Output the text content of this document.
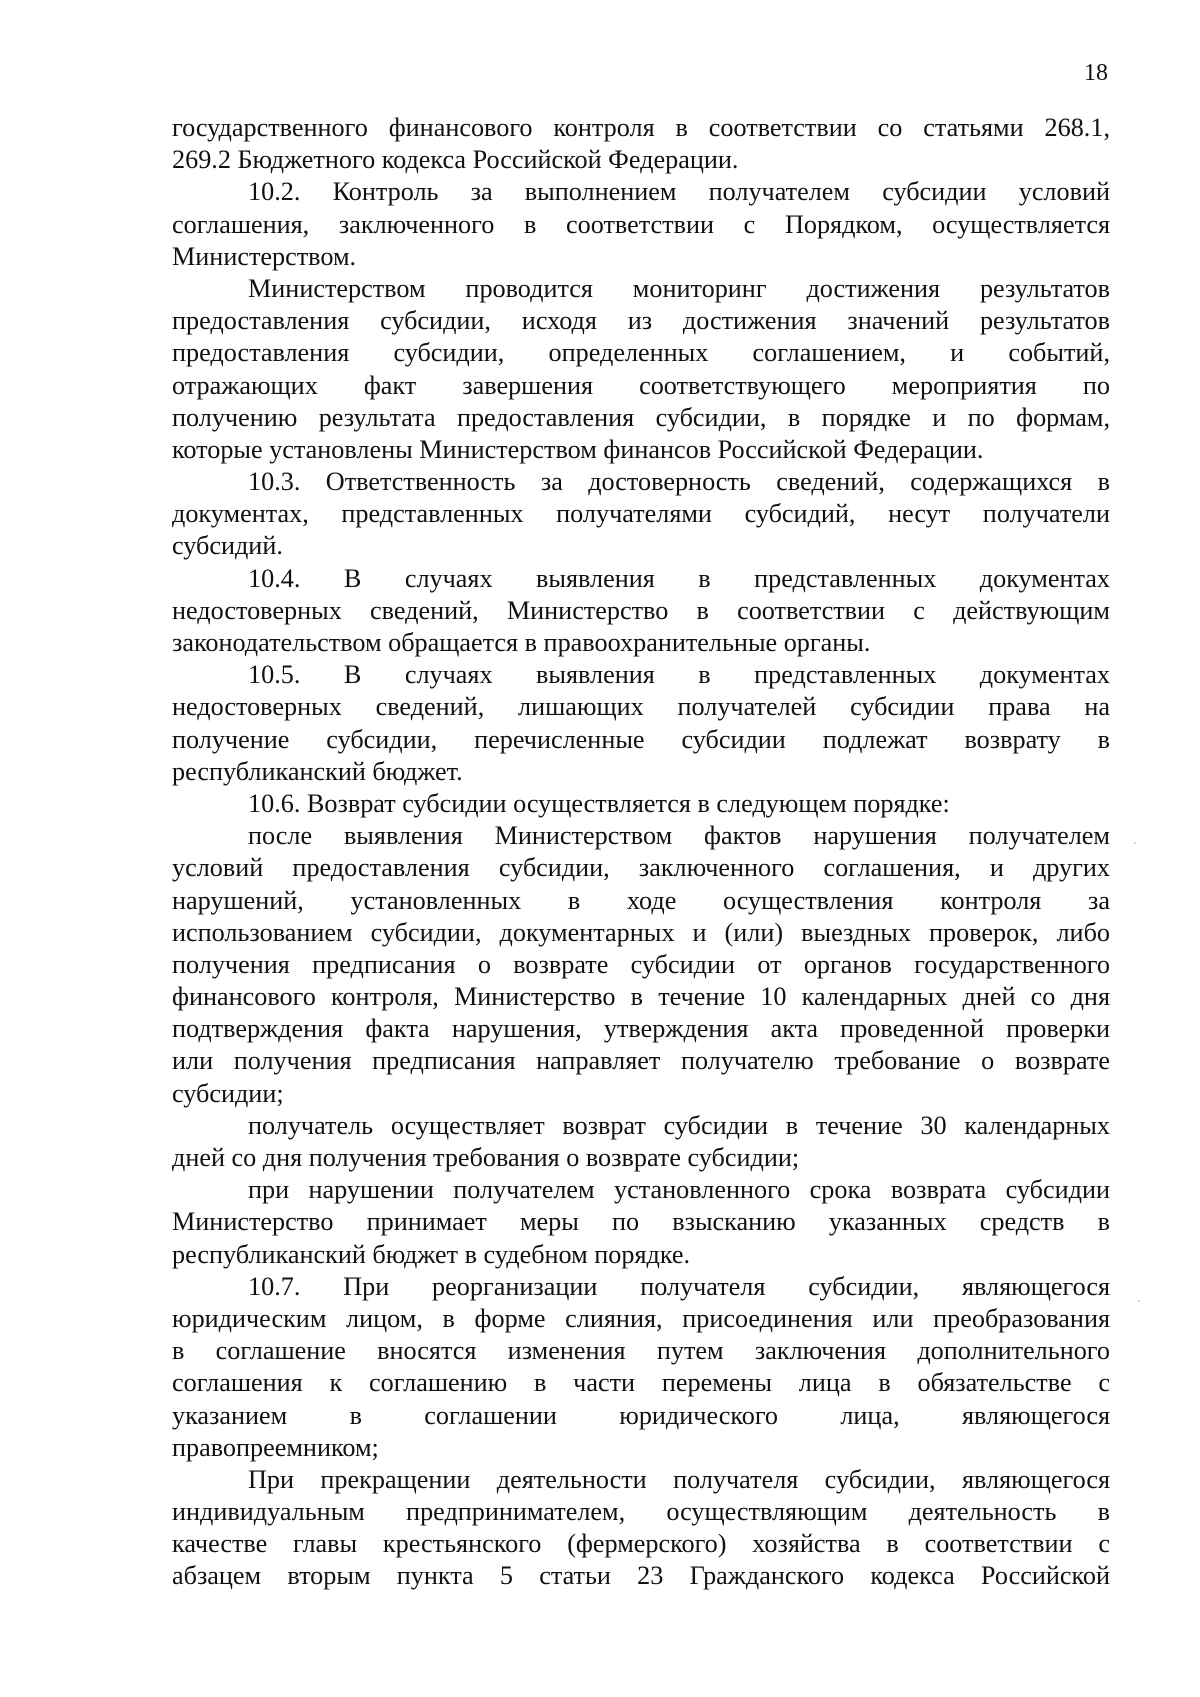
18
государственного финансового контроля в соответствии со статьями 268.1,
269.2 Бюджетного кодекса Российской Федерации.
10.2. Контроль за выполнением получателем субсидии условий
соглашения, заключенного в соответствии с Порядком, осуществляется
Министерством.
Министерством проводится мониторинг достижения результатов
предоставления субсидии, исходя из достижения значений результатов
предоставления субсидии, определенных соглашением, и событий,
отражающих факт завершения соответствующего мероприятия по
получению результата предоставления субсидии, в порядке и по формам,
которые установлены Министерством финансов Российской Федерации.
10.3. Ответственность за достоверность сведений, содержащихся в
документах, представленных получателями субсидий, несут получатели
субсидий.
10.4. В случаях выявления в представленных документах
недостоверных сведений, Министерство в соответствии с действующим
законодательством обращается в правоохранительные органы.
10.5. В случаях выявления в представленных документах
недостоверных сведений, лишающих получателей субсидии права на
получение субсидии, перечисленные субсидии подлежат возврату в
республиканский бюджет.
10.6. Возврат субсидии осуществляется в следующем порядке:
после выявления Министерством фактов нарушения получателем
условий предоставления субсидии, заключенного соглашения, и других
нарушений, установленных в ходе осуществления контроля за
использованием субсидии, документарных и (или) выездных проверок, либо
получения предписания о возврате субсидии от органов государственного
финансового контроля, Министерство в течение 10 календарных дней со дня
подтверждения факта нарушения, утверждения акта проведенной проверки
или получения предписания направляет получателю требование о возврате
субсидии;
получатель осуществляет возврат субсидии в течение 30 календарных
дней со дня получения требования о возврате субсидии;
при нарушении получателем установленного срока возврата субсидии
Министерство принимает меры по взысканию указанных средств в
республиканский бюджет в судебном порядке.
10.7. При реорганизации получателя субсидии, являющегося
юридическим лицом, в форме слияния, присоединения или преобразования
в соглашение вносятся изменения путем заключения дополнительного
соглашения к соглашению в части перемены лица в обязательстве с
указанием в соглашении юридического лица, являющегося
правопреемником;
При прекращении деятельности получателя субсидии, являющегося
индивидуальным предпринимателем, осуществляющим деятельность в
качестве главы крестьянского (фермерского) хозяйства в соответствии с
абзацем вторым пункта 5 статьи 23 Гражданского кодекса Российской
